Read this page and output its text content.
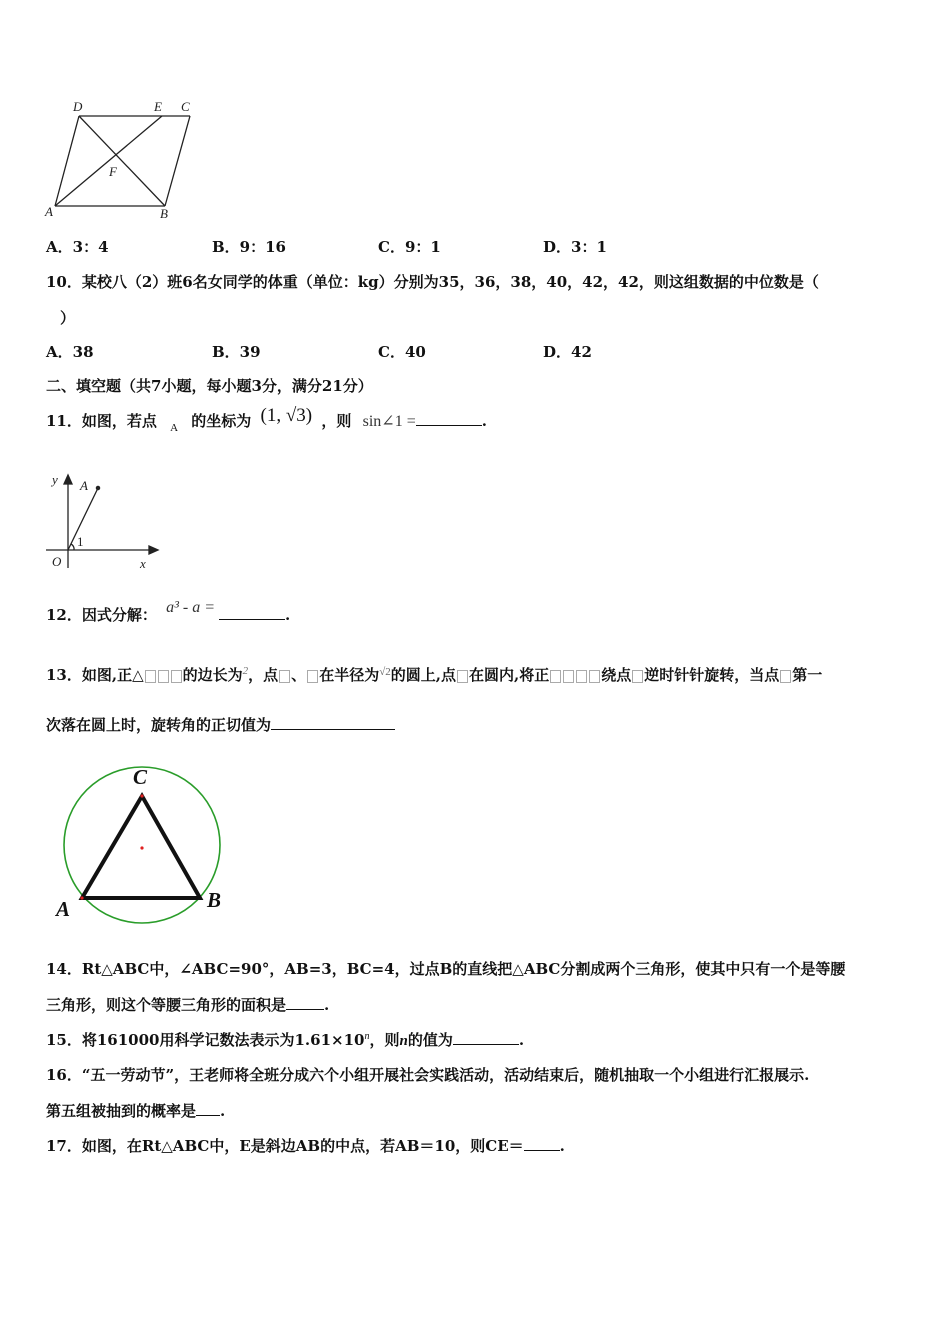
D	E C
F
A	B
A．3：4	B．9：16	C．9：1	D．3：1
10．某校八（2）班6名女同学的体重（单位：kg）分别为35，36，38，40，42，42，则这组数据的中位数是（
）
A．38	B．39	C．40	D．42
二、填空题（共7小题，每小题3分，满分21分）
11．如图，若点 $_A$ 的坐标为 (1, √3) ，则 sin∠1 =	.
y A
O	x
1
12．因式分解： a³ - a =	.
13．如图,正△	的边长为$^2$，点 、 在半径为$^{√2}$的圆上,点 在圆内,将正	绕点 逆时针针旋转，当点 第一
次落在圆上时，旋转角的正切值为
C
A	B
14．Rt△ABC中，∠ABC=90°，AB=3，BC=4，过点B的直线把△ABC分割成两个三角形，使其中只有一个是等腰
三角形，则这个等腰三角形的面积是	.
15．将161000用科学记数法表示为$1.61\times 10^n$，则n的值为	.
16．“五一劳动节”，王老师将全班分成六个小组开展社会实践活动，活动结束后，随机抽取一个小组进行汇报展示.
第五组被抽到的概率是 .
17．如图，在Rt△ABC中，E是斜边AB的中点，若AB＝10，则CE＝ .
